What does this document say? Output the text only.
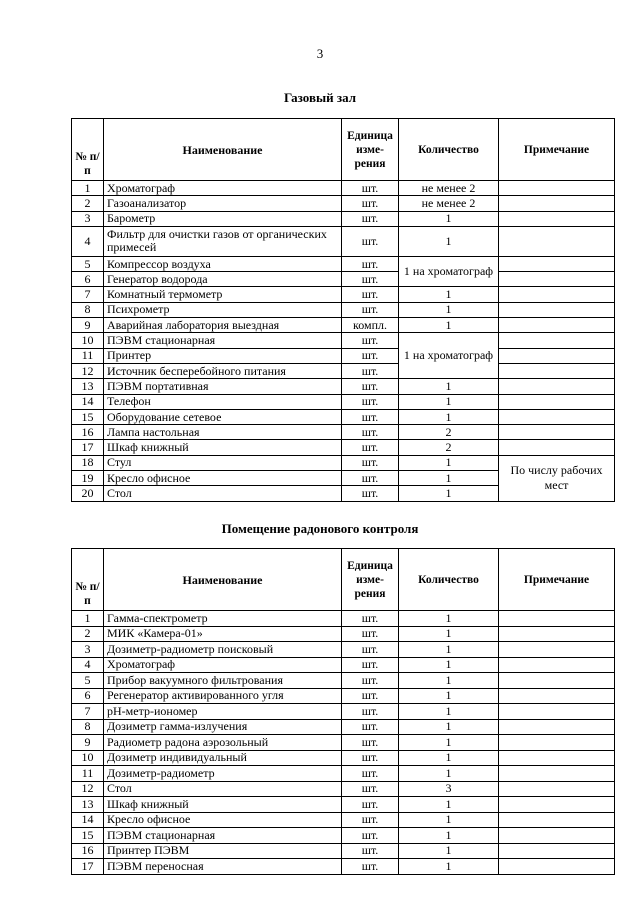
3
Газовый зал
№ п/п	Наименование	Единица изме-рения	Количество	Примечание
1	Хроматограф	шт.	не менее 2	
2	Газоанализатор	шт.	не менее 2	
3	Барометр	шт.	1	
4	Фильтр для очистки газов от органических примесей	шт.	1	
5	Компрессор воздуха	шт.	1 на хроматограф	
6	Генератор водорода	шт.		
7	Комнатный термометр	шт.	1	
8	Психрометр	шт.	1	
9	Аварийная лаборатория выездная	компл.	1	
10	ПЭВМ стационарная	шт.	1 на хроматограф	
11	Принтер	шт.		
12	Источник бесперебойного питания	шт.		
13	ПЭВМ портативная	шт.	1	
14	Телефон	шт.	1	
15	Оборудование сетевое	шт.	1	
16	Лампа настольная	шт.	2	
17	Шкаф книжный	шт.	2	
18	Стул	шт.	1	По числу рабочих мест
19	Кресло офисное	шт.	1	
20	Стол	шт.	1	
Помещение радонового контроля
№ п/п	Наименование	Единица изме-рения	Количество	Примечание
1	Гамма-спектрометр	шт.	1	
2	МИК «Камера-01»	шт.	1	
3	Дозиметр-радиометр поисковый	шт.	1	
4	Хроматограф	шт.	1	
5	Прибор вакуумного фильтрования	шт.	1	
6	Регенератор активированного угля	шт.	1	
7	рН-метр-иономер	шт.	1	
8	Дозиметр гамма-излучения	шт.	1	
9	Радиометр радона аэрозольный	шт.	1	
10	Дозиметр индивидуальный	шт.	1	
11	Дозиметр-радиометр	шт.	1	
12	Стол	шт.	3	
13	Шкаф книжный	шт.	1	
14	Кресло офисное	шт.	1	
15	ПЭВМ стационарная	шт.	1	
16	Принтер ПЭВМ	шт.	1	
17	ПЭВМ переносная	шт.	1	
